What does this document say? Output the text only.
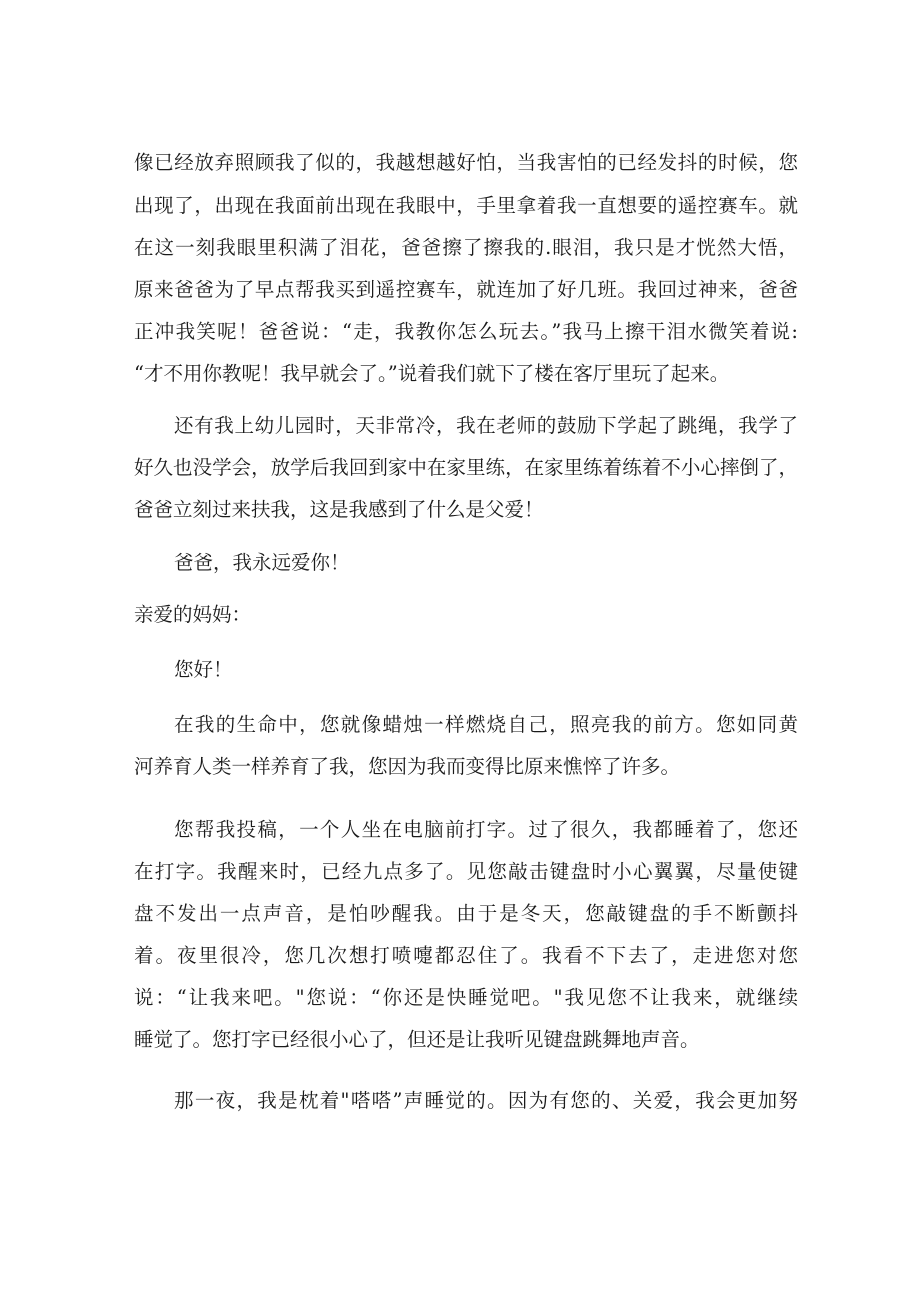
像已经放弃照顾我了似的，我越想越好怕，当我害怕的已经发抖的时候，您
出现了，出现在我面前出现在我眼中，手里拿着我一直想要的遥控赛车。就
在这一刻我眼里积满了泪花，爸爸擦了擦我的.眼泪，我只是才恍然大悟，
原来爸爸为了早点帮我买到遥控赛车，就连加了好几班。我回过神来，爸爸
正冲我笑呢！爸爸说：“走，我教你怎么玩去。”我马上擦干泪水微笑着说:
“才不用你教呢！我早就会了。”说着我们就下了楼在客厅里玩了起来。
还有我上幼儿园时，天非常冷，我在老师的鼓励下学起了跳绳，我学了
好久也没学会，放学后我回到家中在家里练，在家里练着练着不小心摔倒了，
爸爸立刻过来扶我，这是我感到了什么是父爱！
爸爸，我永远爱你！
亲爱的妈妈：
您好！
在我的生命中，您就像蜡烛一样燃烧自己，照亮我的前方。您如同黄
河养育人类一样养育了我，您因为我而变得比原来憔悴了许多。
您帮我投稿，一个人坐在电脑前打字。过了很久，我都睡着了，您还
在打字。我醒来时，已经九点多了。见您敲击键盘时小心翼翼，尽量使键
盘不发出一点声音，是怕吵醒我。由于是冬天，您敲键盘的手不断颤抖
着。夜里很冷，您几次想打喷嚏都忍住了。我看不下去了，走进您对您
说：“让我来吧。"您说：“你还是快睡觉吧。"我见您不让我来，就继续
睡觉了。您打字已经很小心了，但还是让我听见键盘跳舞地声音。
那一夜，我是枕着"嗒嗒”声睡觉的。因为有您的、关爱，我会更加努
